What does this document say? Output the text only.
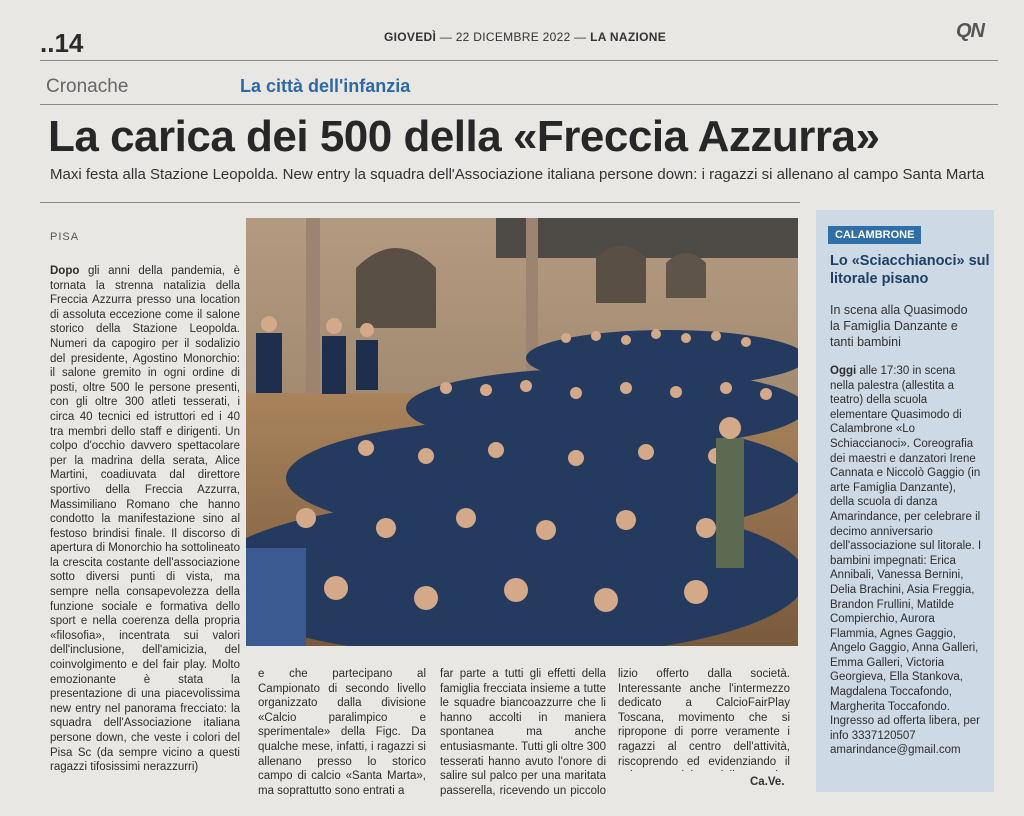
..14	GIOVEDÌ — 22 DICEMBRE 2022 — LA NAZIONE	QN
Cronache	La città dell'infanzia
La carica dei 500 della «Freccia Azzurra»
Maxi festa alla Stazione Leopolda. New entry la squadra dell'Associazione italiana persone down: i ragazzi si allenano al campo Santa Marta
PISA
Dopo gli anni della pandemia, è tornata la strenna natalizia della Freccia Azzurra presso una location di assoluta eccezione come il salone storico della Stazione Leopolda. Numeri da capogiro per il sodalizio del presidente, Agostino Monorchio: il salone gremito in ogni ordine di posti, oltre 500 le persone presenti, con gli oltre 300 atleti tesserati, i circa 40 tecnici ed istruttori ed i 40 tra membri dello staff e dirigenti. Un colpo d'occhio davvero spettacolare per la madrina della serata, Alice Martini, coadiuvata dal direttore sportivo della Freccia Azzurra, Massimiliano Romano che hanno condotto la manifestazione sino al festoso brindisi finale. Il discorso di apertura di Monorchio ha sottolineato la crescita costante dell'associazione sotto diversi punti di vista, ma sempre nella consapevolezza della funzione sociale e formativa dello sport e nella coerenza della propria «filosofia», incentrata sui valori dell'inclusione, dell'amicizia, del coinvolgimento e del fair play. Molto emozionante è stata la presentazione di una piacevolissima new entry nel panorama frecciato: la squadra dell'Associazione italiana persone down, che veste i colori del Pisa Sc (da sempre vicino a questi ragazzi tifosissimi nerazzurri)
e che partecipano al Campionato di secondo livello organizzato dalla divisione «Calcio paralimpico e sperimentale» della Figc. Da qualche mese, infatti, i ragazzi si allenano presso lo storico campo di calcio «Santa Marta», ma soprattutto sono entrati a
far parte a tutti gli effetti della famiglia frecciata insieme a tutte le squadre biancoazzurre che li hanno accolti in maniera spontanea ma anche entusiasmante. Tutti gli oltre 300 tesserati hanno avuto l'onore di salire sul palco per una maritata passerella, ricevendo un piccolo
lizio offerto dalla società. Interessante anche l'intermezzo dedicato a CalcioFairPlay Toscana, movimento che si ripropone di porre veramente i ragazzi al centro dell'attività, riscoprendo ed evidenziando il
Ca.Ve.
CALAMBRONE
Lo «Sciacchianoci» sul litorale pisano
In scena alla Quasimodo la Famiglia Danzante e tanti bambini
Oggi alle 17:30 in scena nella palestra (allestita a teatro) della scuola elementare Quasimodo di Calambrone «Lo Schiaccianoci». Coreografia dei maestri e danzatori Irene Cannata e Niccolò Gaggio (in arte Famiglia Danzante), della scuola di danza Amarindance, per celebrare il decimo anniversario dell'associazione sul litorale. I bambini impegnati: Erica Annibali, Vanessa Bernini, Delia Brachini, Asia Freggia, Brandon Frullini, Matilde Compierchio, Aurora Flammia, Agnes Gaggio, Angelo Gaggio, Anna Galleri, Emma Galleri, Victoria Georgieva, Ella Stankova, Magdalena Toccafondo, Margherita Toccafondo. Ingresso ad offerta libera, per info 3337120507 amarindance@gmail.com
